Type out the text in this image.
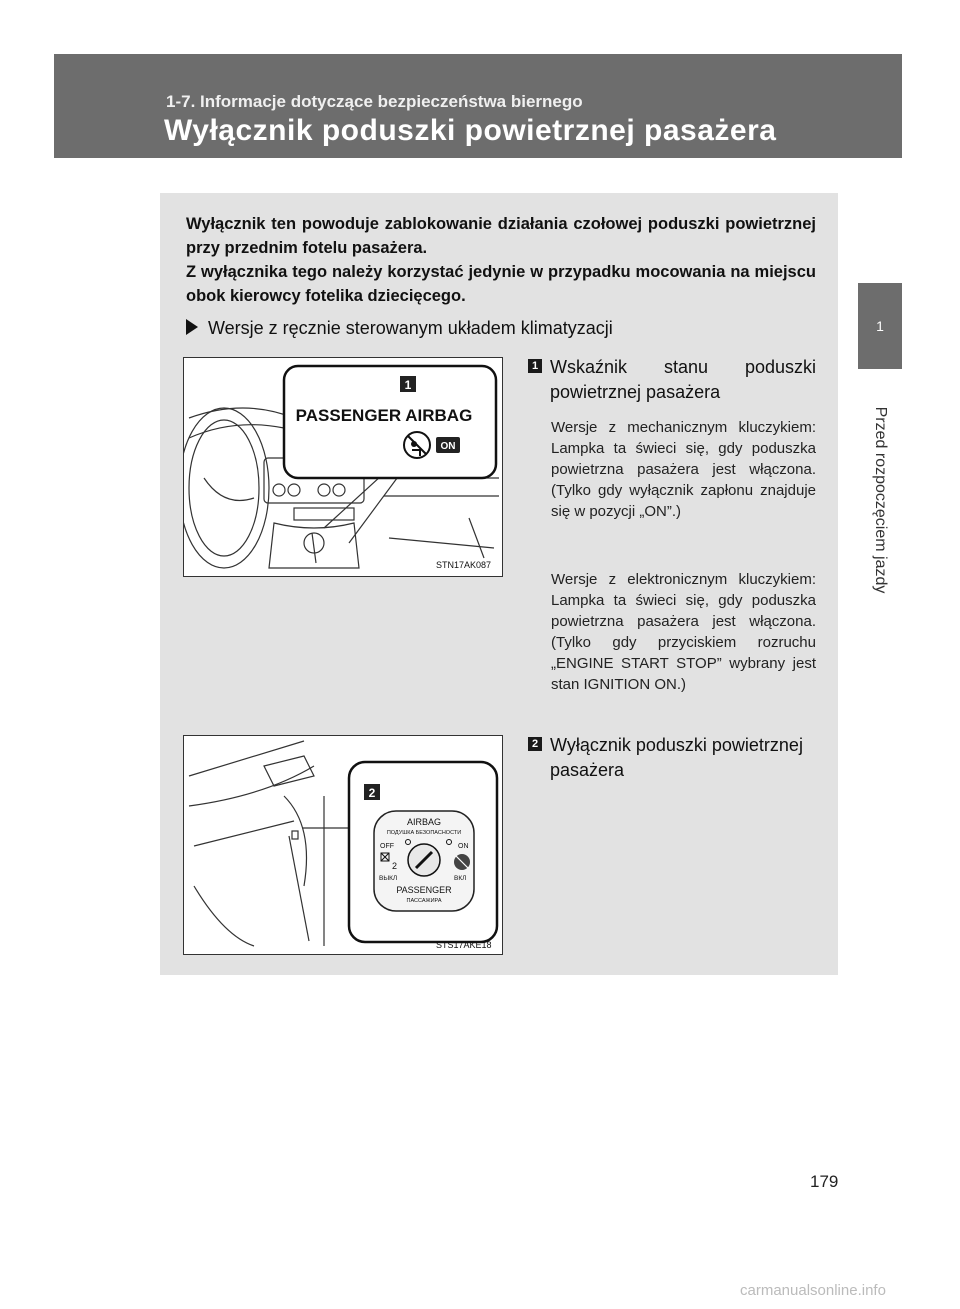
1-7. Informacje dotyczące bezpieczeństwa biernego
Wyłącznik poduszki powietrznej pasażera
1
Przed rozpoczęciem jazdy

Wyłącznik ten powoduje zablokowanie działania czołowej poduszki powietrznej przy przednim fotelu pasażera.

Z wyłącznika tego należy korzystać jedynie w przypadku mocowania na miejscu obok kierowcy fotelika dziecięcego.

Wersje z ręcznie sterowanym układem klimatyzacji
1
PASSENGER AIRBAG
ON
STN17AK087
2
AIRBAG
ПОДУШКА БЕЗОПАСНОСТИ
OFF	ON
2
ВЫКЛ	ВКЛ
PASSENGER
ПАССАЖИРА
STS17AKE18
1 Wskaźnik stanu poduszki powietrznej pasażera
Wersje z mechanicznym kluczykiem: Lampka ta świeci się, gdy poduszka powietrzna pasażera jest włączona. (Tylko gdy wyłącznik zapłonu znajduje się w pozycji „ON”.)
Wersje z elektronicznym kluczykiem: Lampka ta świeci się, gdy poduszka powietrzna pasażera jest włączona. (Tylko gdy przyciskiem rozruchu „ENGINE START STOP” wybrany jest stan IGNITION ON.)
2 Wyłącznik poduszki powietrznej pasażera
179
carmanualsonline.info
